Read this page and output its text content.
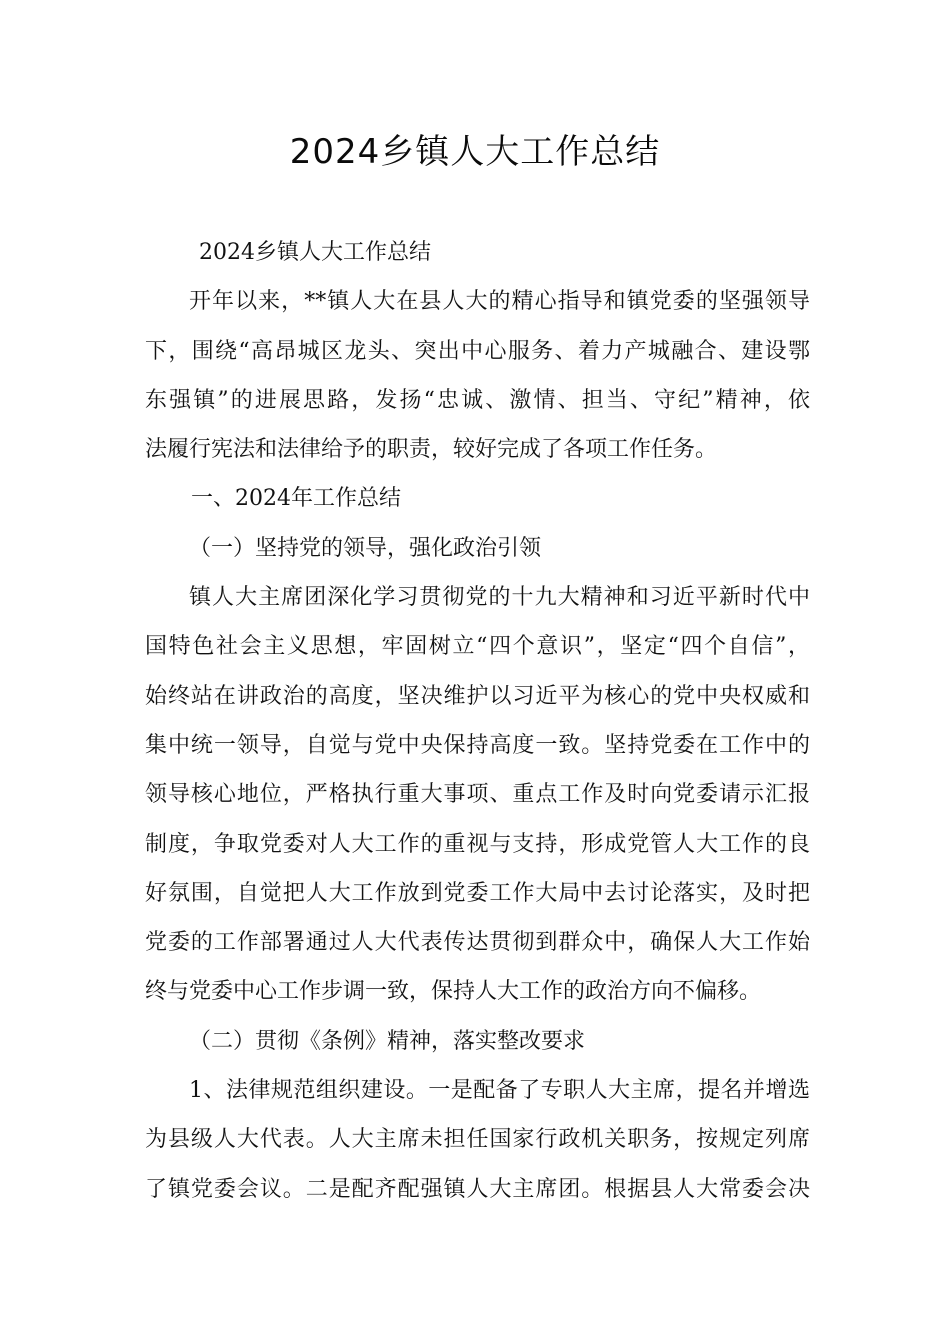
2024乡镇人大工作总结
2024乡镇人大工作总结
开年以来，**镇人大在县人大的精心指导和镇党委的坚强领导
下，围绕“高昂城区龙头、突出中心服务、着力产城融合、建设鄂
东强镇”的进展思路，发扬“忠诚、激情、担当、守纪”精神，依
法履行宪法和法律给予的职责，较好完成了各项工作任务。
一、2024年工作总结
（一）坚持党的领导，强化政治引领
镇人大主席团深化学习贯彻党的十九大精神和习近平新时代中
国特色社会主义思想，牢固树立“四个意识”，坚定“四个自信”，
始终站在讲政治的高度，坚决维护以习近平为核心的党中央权威和
集中统一领导，自觉与党中央保持高度一致。坚持党委在工作中的
领导核心地位，严格执行重大事项、重点工作及时向党委请示汇报
制度，争取党委对人大工作的重视与支持，形成党管人大工作的良
好氛围，自觉把人大工作放到党委工作大局中去讨论落实，及时把
党委的工作部署通过人大代表传达贯彻到群众中，确保人大工作始
终与党委中心工作步调一致，保持人大工作的政治方向不偏移。
（二）贯彻《条例》精神，落实整改要求
1、法律规范组织建设。一是配备了专职人大主席，提名并增选
为县级人大代表。人大主席未担任国家行政机关职务，按规定列席
了镇党委会议。二是配齐配强镇人大主席团。根据县人大常委会决
